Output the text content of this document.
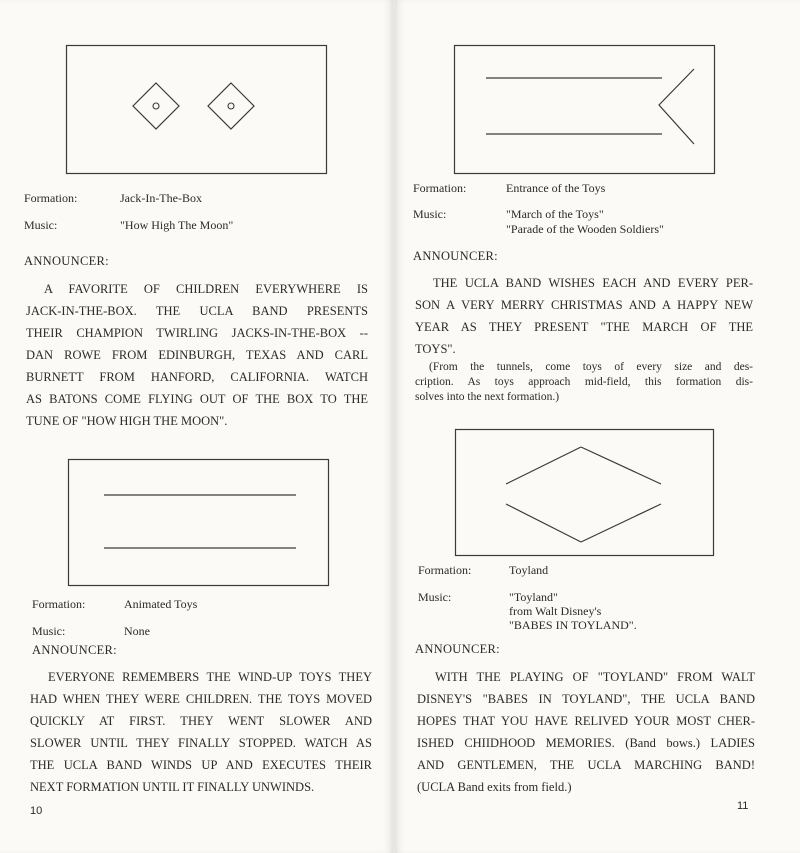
Formation:	Jack-In-The-Box
Music:	"How High The Moon"
ANNOUNCER:
A FAVORITE OF CHILDREN EVERYWHERE IS
JACK-IN-THE-BOX. THE UCLA BAND PRESENTS
THEIR CHAMPION TWIRLING JACKS-IN-THE-BOX --
DAN ROWE FROM EDINBURGH, TEXAS AND CARL
BURNETT FROM HANFORD, CALIFORNIA. WATCH
AS BATONS COME FLYING OUT OF THE BOX TO THE
TUNE OF "HOW HIGH THE MOON".
Formation:	Animated Toys
Music:	None
ANNOUNCER:
EVERYONE REMEMBERS THE WIND-UP TOYS THEY
HAD WHEN THEY WERE CHILDREN. THE TOYS MOVED
QUICKLY AT FIRST. THEY WENT SLOWER AND
SLOWER UNTIL THEY FINALLY STOPPED. WATCH AS
THE UCLA BAND WINDS UP AND EXECUTES THEIR
NEXT FORMATION UNTIL IT FINALLY UNWINDS.
10
Formation:	Entrance of the Toys
Music:	"March of the Toys"
"Parade of the Wooden Soldiers"
ANNOUNCER:
THE UCLA BAND WISHES EACH AND EVERY PER-
SON A VERY MERRY CHRISTMAS AND A HAPPY NEW
YEAR AS THEY PRESENT "THE MARCH OF THE
TOYS".
(From the tunnels, come toys of every size and des-
cription. As toys approach mid-field, this formation dis-
solves into the next formation.)
Formation:	Toyland
Music:	"Toyland"
from Walt Disney's
"BABES IN TOYLAND".
ANNOUNCER:
WITH THE PLAYING OF "TOYLAND" FROM WALT
DISNEY'S "BABES IN TOYLAND", THE UCLA BAND
HOPES THAT YOU HAVE RELIVED YOUR MOST CHER-
ISHED CHIIDHOOD MEMORIES. (Band bows.) LADIES
AND GENTLEMEN, THE UCLA MARCHING BAND!
(UCLA Band exits from field.)
11
